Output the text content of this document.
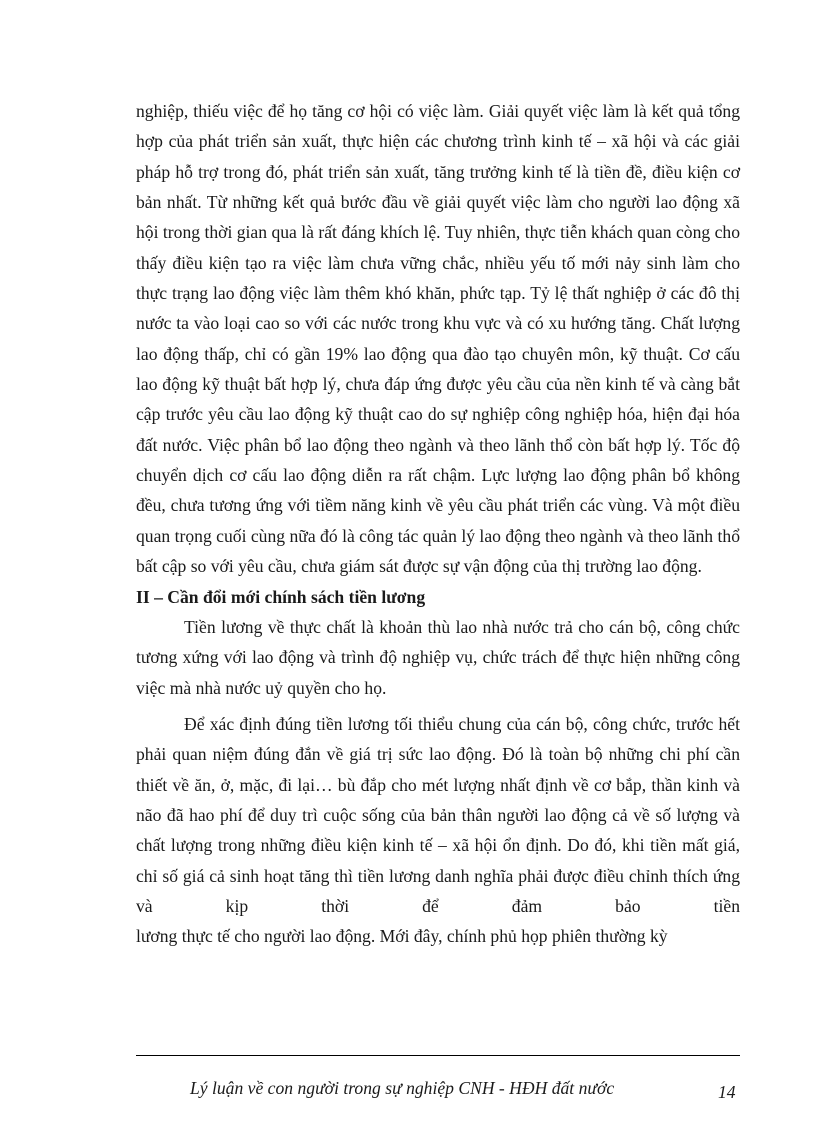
nghiệp, thiếu việc để họ tăng cơ hội có việc làm. Giải quyết việc làm là kết quả tổng hợp của phát triển sản xuất, thực hiện các chương trình kinh tế – xã hội và các giải pháp hỗ trợ trong đó, phát triển sản xuất, tăng trưởng kinh tế là tiền đề, điều kiện cơ bản nhất. Từ những kết quả bước đầu về giải quyết việc làm cho người lao động xã hội trong thời gian qua là rất đáng khích lệ. Tuy nhiên, thực tiễn khách quan còng cho thấy điều kiện tạo ra việc làm chưa vững chắc, nhiều yếu tố mới nảy sinh làm cho thực trạng lao động việc làm thêm khó khăn, phức tạp. Tỷ lệ thất nghiệp ở các đô thị nước ta vào loại cao so với các nước trong khu vực và có xu hướng tăng. Chất lượng lao động thấp, chỉ có gần 19% lao động qua đào tạo chuyên môn, kỹ thuật. Cơ cấu lao động kỹ thuật bất hợp lý, chưa đáp ứng được yêu cầu của nền kinh tế và càng bắt cập trước yêu cầu lao động kỹ thuật cao do sự nghiệp công nghiệp hóa, hiện đại hóa đất nước. Việc phân bổ lao động theo ngành và theo lãnh thổ còn bất hợp lý. Tốc độ chuyển dịch cơ cấu lao động diễn ra rất chậm. Lực lượng lao động phân bổ không đều, chưa tương ứng với tiềm năng kinh về yêu cầu phát triển các vùng. Và một điều quan trọng cuối cùng nữa đó là công tác quản lý lao động theo ngành và theo lãnh thổ bất cập so với yêu cầu, chưa giám sát được sự vận động của thị trường lao động.

II – Cần đổi mới chính sách tiền lương

Tiền lương về thực chất là khoản thù lao nhà nước trả cho cán bộ, công chức tương xứng với lao động và trình độ nghiệp vụ, chức trách để thực hiện những công việc mà nhà nước uỷ quyền cho họ.

Để xác định đúng tiền lương tối thiểu chung của cán bộ, công chức, trước hết phải quan niệm đúng đắn về giá trị sức lao động. Đó là toàn bộ những chi phí cần thiết về ăn, ở, mặc, đi lại… bù đắp cho mét lượng nhất định về cơ bắp, thần kinh và não đã hao phí để duy trì cuộc sống của bản thân người lao động cả về số lượng và chất lượng trong những điều kiện kinh tế – xã hội ổn định. Do đó, khi tiền mất giá, chỉ số giá cả sinh hoạt tăng thì tiền lương danh nghĩa phải được điều chỉnh thích ứng và kịp thời để đảm bảo tiền

lương thực tế cho người lao động. Mới đây, chính phủ họp phiên thường kỳ

Lý luận về con người trong sự nghiệp CNH - HĐH đất nước	14
